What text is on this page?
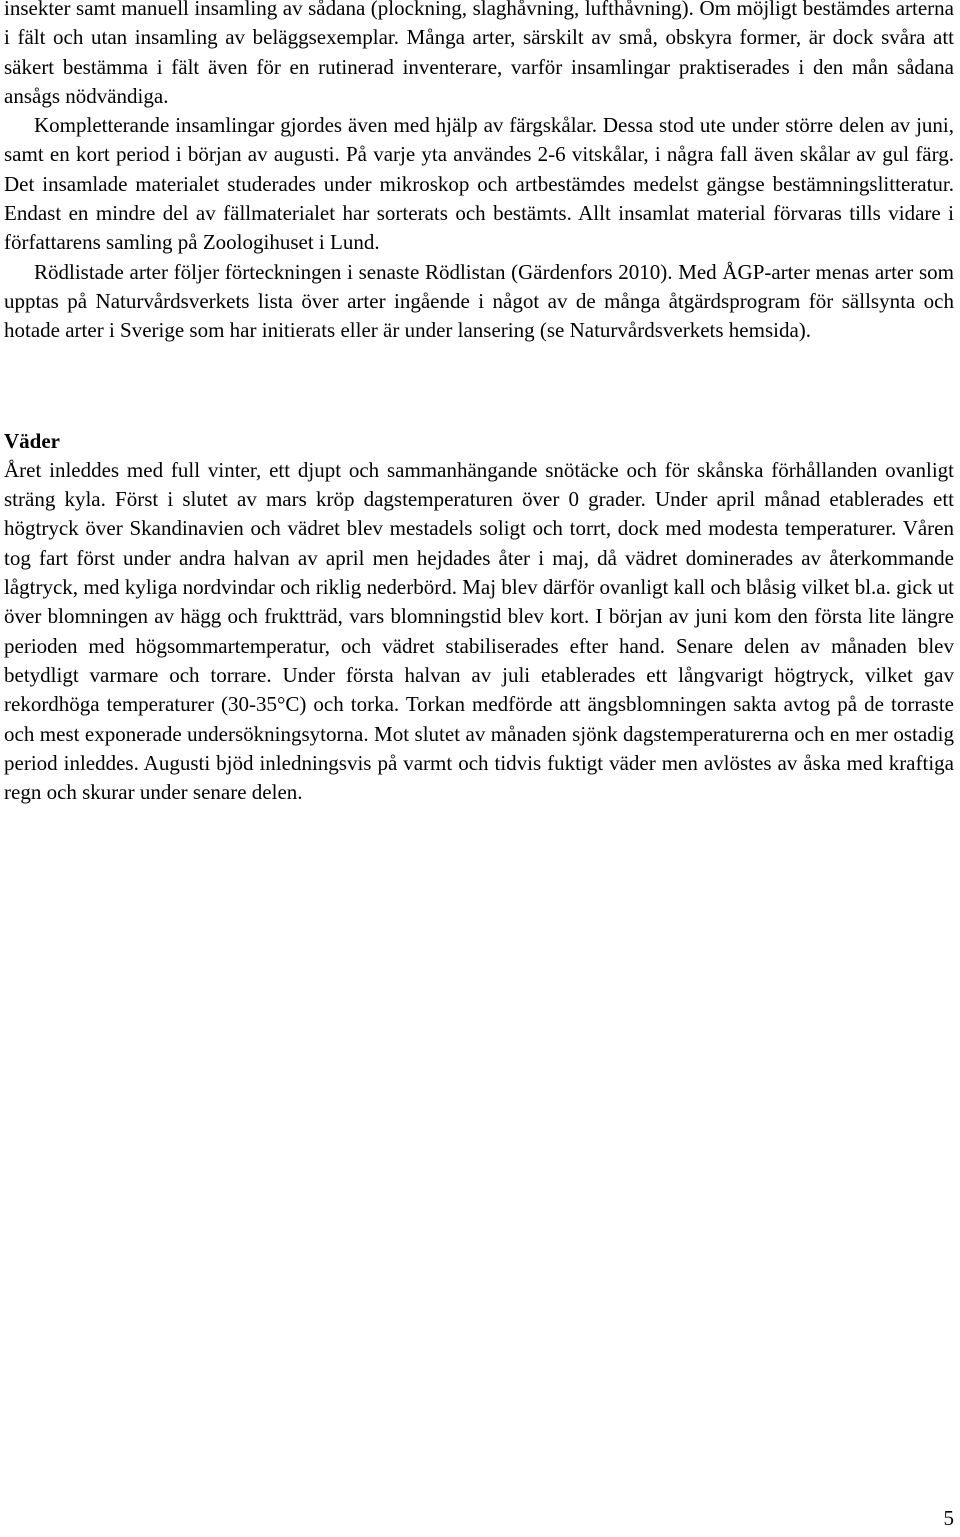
insekter samt manuell insamling av sådana (plockning, slaghåvning, lufthåvning). Om möjligt bestämdes arterna i fält och utan insamling av beläggsexemplar. Många arter, särskilt av små, obskyra former, är dock svåra att säkert bestämma i fält även för en rutinerad inventerare, varför insamlingar praktiserades i den mån sådana ansågs nödvändiga.

Kompletterande insamlingar gjordes även med hjälp av färgskålar. Dessa stod ute under större delen av juni, samt en kort period i början av augusti. På varje yta användes 2-6 vitskålar, i några fall även skålar av gul färg. Det insamlade materialet studerades under mikroskop och artbestämdes medelst gängse bestämningslitteratur. Endast en mindre del av fällmaterialet har sorterats och bestämts. Allt insamlat material förvaras tills vidare i författarens samling på Zoologihuset i Lund.

Rödlistade arter följer förteckningen i senaste Rödlistan (Gärdenfors 2010). Med ÅGP-arter menas arter som upptas på Naturvårdsverkets lista över arter ingående i något av de många åtgärdsprogram för sällsynta och hotade arter i Sverige som har initierats eller är under lansering (se Naturvårdsverkets hemsida).

Väder

Året inleddes med full vinter, ett djupt och sammanhängande snötäcke och för skånska förhållanden ovanligt sträng kyla. Först i slutet av mars kröp dagstemperaturen över 0 grader. Under april månad etablerades ett högtryck över Skandinavien och vädret blev mestadels soligt och torrt, dock med modesta temperaturer. Våren tog fart först under andra halvan av april men hejdades åter i maj, då vädret dominerades av återkommande lågtryck, med kyliga nordvindar och riklig nederbörd. Maj blev därför ovanligt kall och blåsig vilket bl.a. gick ut över blomningen av hägg och fruktträd, vars blomningstid blev kort. I början av juni kom den första lite längre perioden med högsommartemperatur, och vädret stabiliserades efter hand. Senare delen av månaden blev betydligt varmare och torrare. Under första halvan av juli etablerades ett långvarigt högtryck, vilket gav rekordhöga temperaturer (30-35°C) och torka. Torkan medförde att ängsblomningen sakta avtog på de torraste och mest exponerade undersökningsytorna. Mot slutet av månaden sjönk dagstemperaturerna och en mer ostadig period inleddes. Augusti bjöd inledningsvis på varmt och tidvis fuktigt väder men avlöstes av åska med kraftiga regn och skurar under senare delen.

5
